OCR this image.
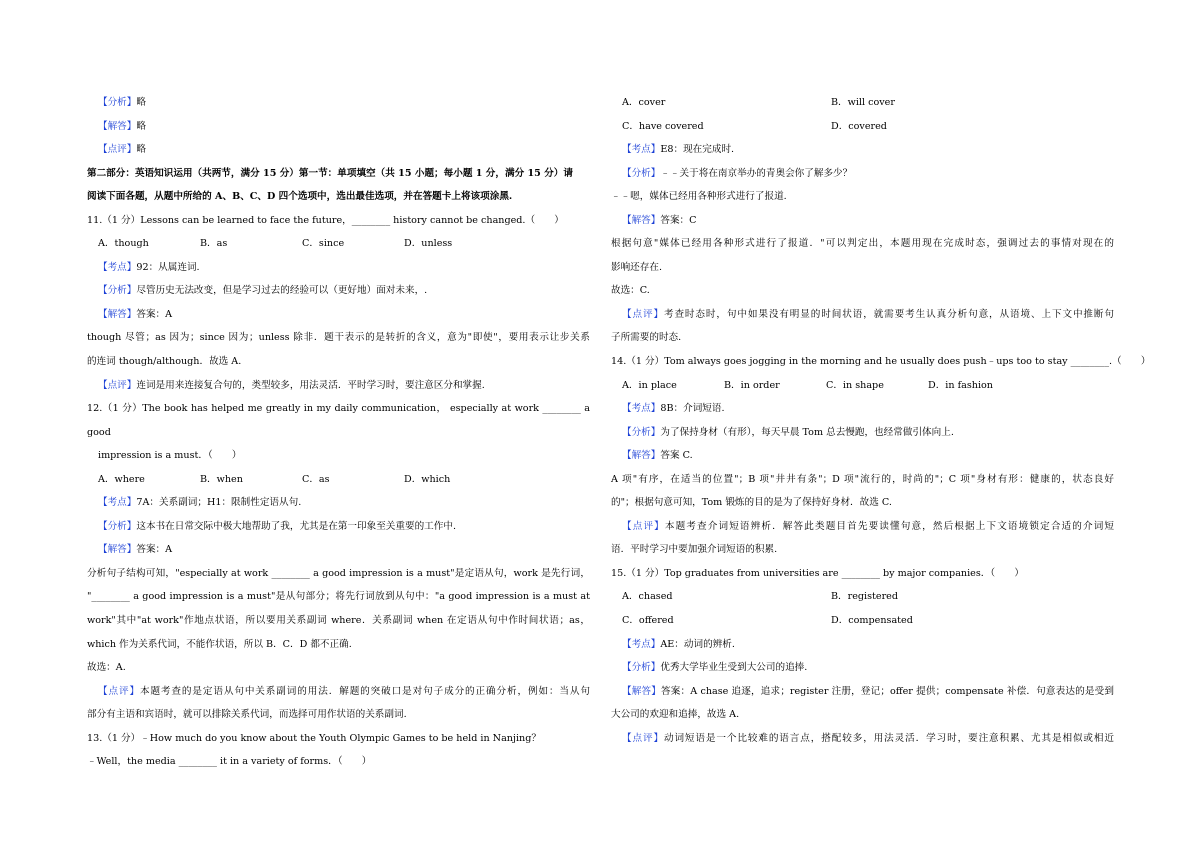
【分析】略

【解答】略

【点评】略

第二部分：英语知识运用（共两节，满分 15 分）第一节：单项填空（共 15 小题；每小题 1 分，满分 15 分）请

阅读下面各题，从题中所给的 A、B、C、D 四个选项中，选出最佳选项，并在答题卡上将该项涂黑.

11.（1 分）Lessons can be learned to face the future，________ history cannot be changed.（　　）

A．though	B．as	C．since	D．unless

【考点】92：从属连词.

【分析】尽管历史无法改变，但是学习过去的经验可以（更好地）面对未来，.

【解答】答案：A

though 尽管；as 因为；since 因为；unless 除非．题干表示的是转折的含义，意为"即使"，要用表示让步关系

的连词 though/although．故选 A.

【点评】连词是用来连接复合句的，类型较多，用法灵活．平时学习时，要注意区分和掌握.

12.（1 分）The book has helped me greatly in my daily communication， especially at work ________ a good

impression is a must．（　　）

A．where	B．when	C．as	D．which

【考点】7A：关系副词；H1：限制性定语从句.

【分析】这本书在日常交际中极大地帮助了我，尤其是在第一印象至关重要的工作中.

【解答】答案：A

分析句子结构可知，"especially at work ________ a good impression is a must"是定语从句，work 是先行词，

"________ a good impression is a must"是从句部分；将先行词放到从句中："a good impression is a must at

work"其中"at work"作地点状语，所以要用关系副词 where．关系副词 when 在定语从句中作时间状语；as，

which 作为关系代词，不能作状语，所以 B．C．D 都不正确.

故选：A.

【点评】本题考查的是定语从句中关系副词的用法．解题的突破口是对句子成分的正确分析，例如：当从句

部分有主语和宾语时，就可以排除关系代词，而选择可用作状语的关系副词.

13.（1 分）﹣How much do you know about the Youth Olympic Games to be held in Nanjing？

﹣Well，the media ________ it in a variety of forms．（　　）

A．cover	B．will cover
C．have covered	D．covered

【考点】E8：现在完成时.

【分析】﹣﹣关于将在南京举办的青奥会你了解多少？

﹣﹣嗯，媒体已经用各种形式进行了报道.

【解答】答案：C

根据句意"媒体已经用各种形式进行了报道．"可以判定出，本题用现在完成时态，强调过去的事情对现在的

影响还存在.

故选：C.

【点评】考查时态时，句中如果没有明显的时间状语，就需要考生认真分析句意，从语境、上下文中推断句

子所需要的时态.

14.（1 分）Tom always goes jogging in the morning and he usually does push﹣ups too to stay ________.（　　）

A．in place	B．in order	C．in shape	D．in fashion

【考点】8B：介词短语.

【分析】为了保持身材（有形），每天早晨 Tom 总去慢跑，也经常做引体向上.

【解答】答案 C.

A 项"有序，在适当的位置"；B 项"井井有条"；D 项"流行的，时尚的"；C 项"身材有形：健康的，状态良好

的"；根据句意可知，Tom 锻炼的目的是为了保持好身材．故选 C.

【点评】本题考查介词短语辨析．解答此类题目首先要读懂句意，然后根据上下文语境锁定合适的介词短

语．平时学习中要加强介词短语的积累.

15.（1 分）Top graduates from universities are ________ by major companies．（　　）

A．chased	B．registered
C．offered	D．compensated

【考点】AE：动词的辨析.

【分析】优秀大学毕业生受到大公司的追捧.

【解答】答案：A chase 追逐，追求；register 注册，登记；offer 提供；compensate 补偿．句意表达的是受到

大公司的欢迎和追捧，故选 A.

【点评】动词短语是一个比较难的语言点，搭配较多，用法灵活．学习时，要注意积累、尤其是相似或相近
